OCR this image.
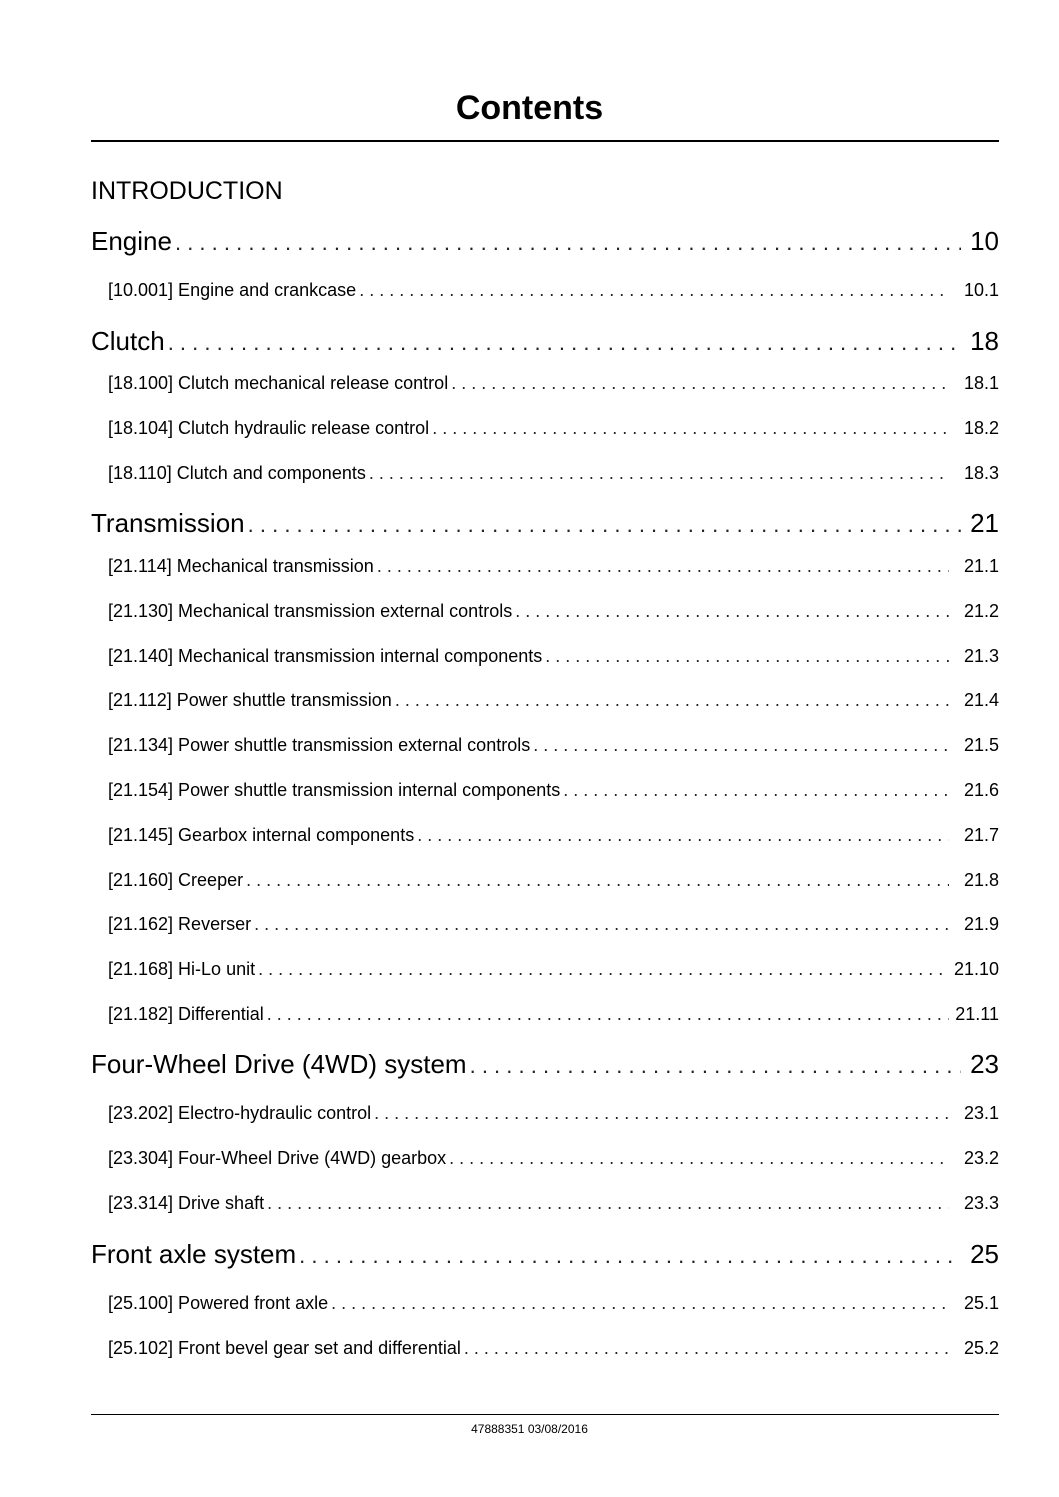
Contents
INTRODUCTION
Engine . . .	10
[10.001] Engine and crankcase . . .	10.1
Clutch . . .	18
[18.100] Clutch mechanical release control . . .	18.1
[18.104] Clutch hydraulic release control . . .	18.2
[18.110] Clutch and components . . .	18.3
Transmission . . .	21
[21.114] Mechanical transmission . . .	21.1
[21.130] Mechanical transmission external controls . . .	21.2
[21.140] Mechanical transmission internal components . . .	21.3
[21.112] Power shuttle transmission . . .	21.4
[21.134] Power shuttle transmission external controls . . .	21.5
[21.154] Power shuttle transmission internal components . . .	21.6
[21.145] Gearbox internal components . . .	21.7
[21.160] Creeper . . .	21.8
[21.162] Reverser . . .	21.9
[21.168] Hi-Lo unit . . .	21.10
[21.182] Differential . . .	21.11
Four-Wheel Drive (4WD) system . . .	23
[23.202] Electro-hydraulic control . . .	23.1
[23.304] Four-Wheel Drive (4WD) gearbox . . .	23.2
[23.314] Drive shaft . . .	23.3
Front axle system . . .	25
[25.100] Powered front axle . . .	25.1
[25.102] Front bevel gear set and differential . . .	25.2
47888351 03/08/2016
